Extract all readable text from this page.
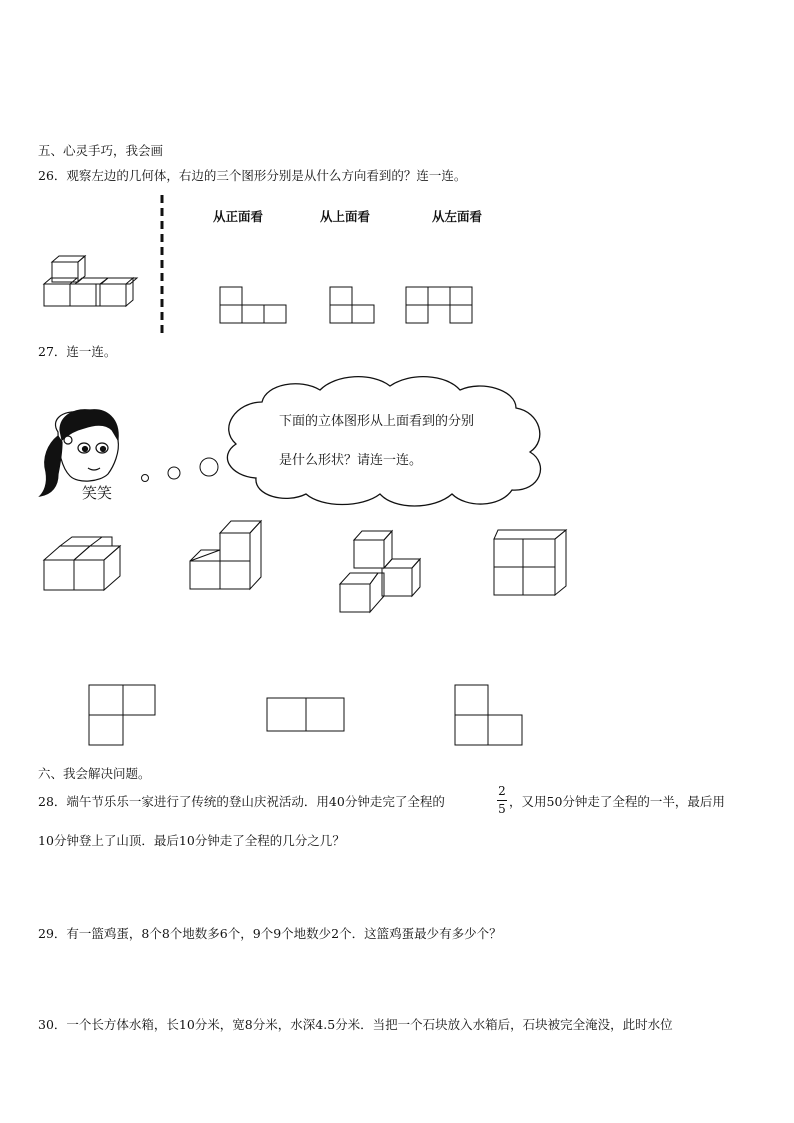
五、心灵手巧，我会画
26．观察左边的几何体，右边的三个图形分别是从什么方向看到的？连一连。
从正面看	从上面看	从左面看
27．连一连。
下面的立体图形从上面看到的分别
是什么形状？请连一连。
笑笑
六、我会解决问题。
28．端午节乐乐一家进行了传统的登山庆祝活动．用40分钟走完了全程的
2
5 ，又用50分钟走了全程的一半，最后用
10分钟登上了山顶．最后10分钟走了全程的几分之几？
29．有一篮鸡蛋，8个8个地数多6个，9个9个地数少2个．这篮鸡蛋最少有多少个？
30．一个长方体水箱，长10分米，宽8分米，水深4.5分米．当把一个石块放入水箱后，石块被完全淹没，此时水位
